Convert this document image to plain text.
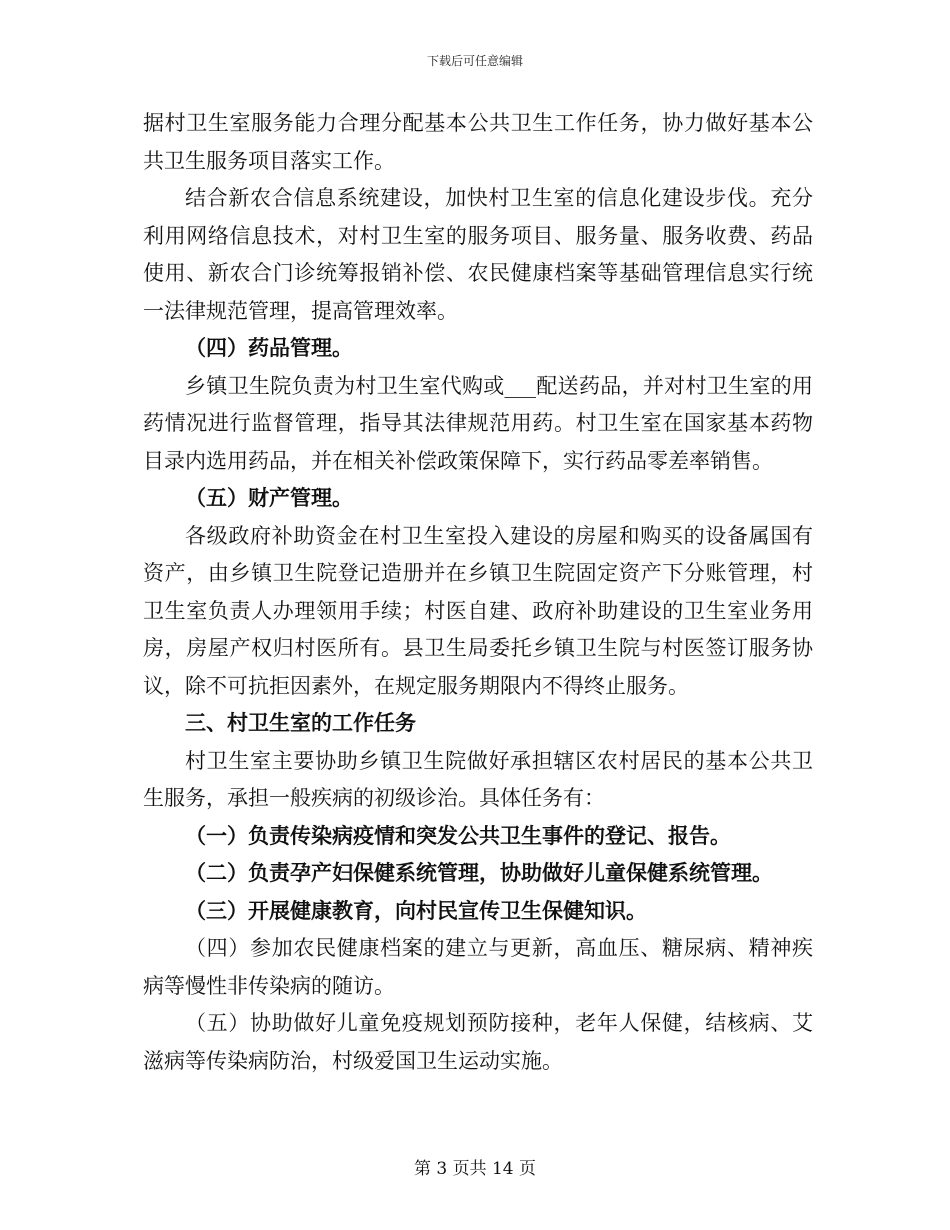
下载后可任意编辑

据村卫生室服务能力合理分配基本公共卫生工作任务，协力做好基本公共卫生服务项目落实工作。

结合新农合信息系统建设，加快村卫生室的信息化建设步伐。充分利用网络信息技术，对村卫生室的服务项目、服务量、服务收费、药品使用、新农合门诊统筹报销补偿、农民健康档案等基础管理信息实行统一法律规范管理，提高管理效率。

（四）药品管理。

乡镇卫生院负责为村卫生室代购或___配送药品，并对村卫生室的用药情况进行监督管理，指导其法律规范用药。村卫生室在国家基本药物目录内选用药品，并在相关补偿政策保障下，实行药品零差率销售。

（五）财产管理。

各级政府补助资金在村卫生室投入建设的房屋和购买的设备属国有资产，由乡镇卫生院登记造册并在乡镇卫生院固定资产下分账管理，村卫生室负责人办理领用手续；村医自建、政府补助建设的卫生室业务用房，房屋产权归村医所有。县卫生局委托乡镇卫生院与村医签订服务协议，除不可抗拒因素外，在规定服务期限内不得终止服务。

三、村卫生室的工作任务

村卫生室主要协助乡镇卫生院做好承担辖区农村居民的基本公共卫生服务，承担一般疾病的初级诊治。具体任务有：

（一）负责传染病疫情和突发公共卫生事件的登记、报告。

（二）负责孕产妇保健系统管理，协助做好儿童保健系统管理。

（三）开展健康教育，向村民宣传卫生保健知识。

（四）参加农民健康档案的建立与更新，高血压、糖尿病、精神疾病等慢性非传染病的随访。

（五）协助做好儿童免疫规划预防接种，老年人保健，结核病、艾滋病等传染病防治，村级爱国卫生运动实施。

第 3 页共 14 页
